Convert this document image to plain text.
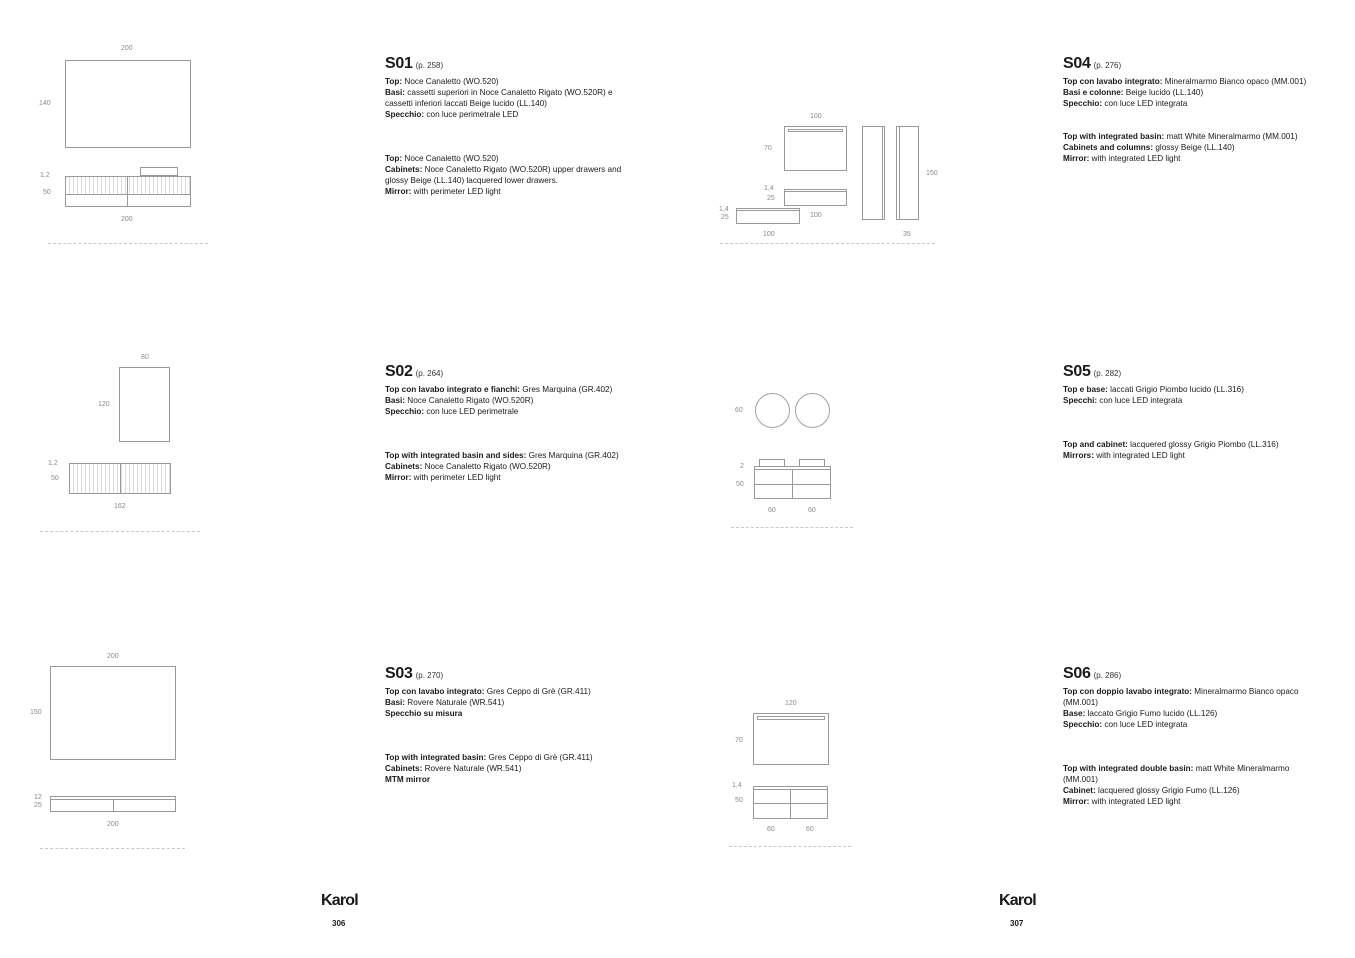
200
140
1,2
50
200
80
120
1,2
50
162
200
150
12
25
200
S01 (p. 258)

Top: Noce Canaletto (WO.520)

Basi: cassetti superiori in Noce Canaletto Rigato (WO.520R) e cassetti inferiori laccati Beige lucido (LL.140)

Specchio: con luce perimetrale LED

Top: Noce Canaletto (WO.520)

Cabinets: Noce Canaletto Rigato (WO.520R) upper drawers and glossy Beige (LL.140) lacquered lower drawers.

Mirror: with perimeter LED light

S02 (p. 264)

Top con lavabo integrato e fianchi: Gres Marquina (GR.402)

Basi: Noce Canaletto Rigato (WO.520R)

Specchio: con luce LED perimetrale

Top with integrated basin and sides: Gres Marquina (GR.402)

Cabinets: Noce Canaletto Rigato (WO.520R)

Mirror: with perimeter LED light

S03 (p. 270)

Top con lavabo integrato: Gres Ceppo di Grè (GR.411)

Basi: Rovere Naturale (WR.541)

Specchio su misura

Top with integrated basin: Gres Ceppo di Grè (GR.411)

Cabinets: Rovere Naturale (WR.541)

MTM mirror

100
70
1,4
25
100
1,4
25
100
150
35
60
2
50
60	60
120
70
1,4
50
60	60
S04 (p. 276)

Top con lavabo integrato: Mineralmarmo Bianco opaco (MM.001)

Basi e colonne: Beige lucido (LL.140)

Specchio: con luce LED integrata

Top with integrated basin: matt White Mineralmarmo (MM.001)

Cabinets and columns: glossy Beige (LL.140)

Mirror: with integrated LED light

S05 (p. 282)

Top e base: laccati Grigio Piombo lucido (LL.316)

Specchi: con luce LED integrata

Top and cabinet: lacquered glossy Grigio Piombo (LL.316)

Mirrors: with integrated LED light

S06 (p. 286)

Top con doppio lavabo integrato: Mineralmarmo Bianco opaco (MM.001)

Base: laccato Grigio Fumo lucido (LL.126)

Specchio: con luce LED integrata

Top with integrated double basin: matt White Mineralmarmo (MM.001)

Cabinet: lacquered glossy Grigio Fumo (LL.126)

Mirror: with integrated LED light

Karol
306
Karol
307
